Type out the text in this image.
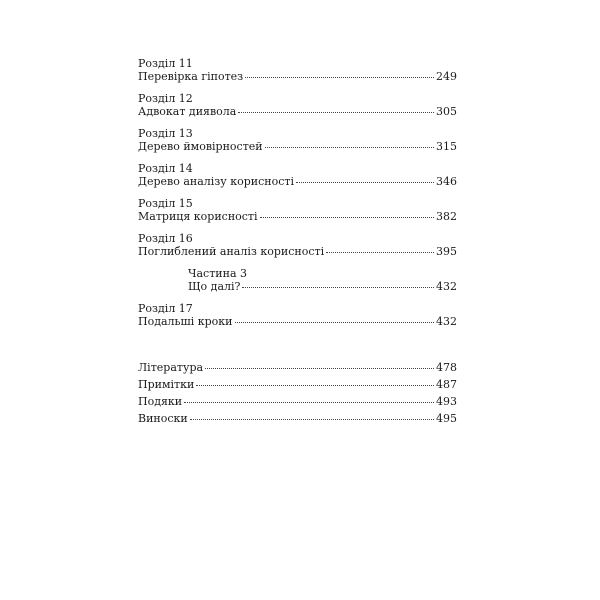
Розділ 11
Перевірка гіпотез	249
Розділ 12
Адвокат диявола	305
Розділ 13
Дерево ймовірностей	315
Розділ 14
Дерево аналізу корисності	346
Розділ 15
Матриця корисності	382
Розділ 16
Поглиблений аналіз корисності	395
Частина 3
Що далі?	432
Розділ 17
Подальші кроки	432
Література	478
Примітки	487
Подяки	493
Виноски	495
